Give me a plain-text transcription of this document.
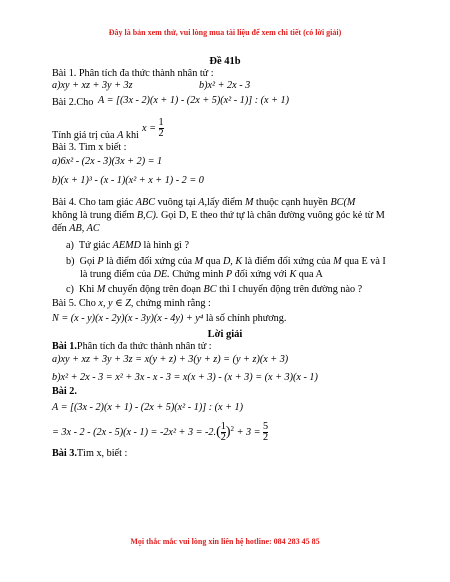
Đây là bản xem thử, vui lòng mua tài liệu để xem chi tiết (có lời giải)
Đề 41b
Bài 1. Phân tích đa thức thành nhân tử :
a)xy + xz + 3y + 3z	b)x² + 2x - 3
Bài 2.Cho A = [(3x - 2)(x + 1) - (2x + 5)(x² - 1)] : (x + 1)
$x = \frac{1}{2}$
Tính giá trị của A khi
Bài 3. Tìm x biết :
a)6x² - (2x - 3)(3x + 2) = 1
b)(x + 1)³ - (x - 1)(x² + x + 1) - 2 = 0
Bài 4. Cho tam giác ABC vuông tại A,lấy điểm M thuộc cạnh huyền BC(M
không là trung điểm B,C). Gọi D, E theo thứ tự là chân đường vuông góc kẻ từ M
đến AB, AC
a) Tứ giác AEMD là hình gì ?
b) Gọi P là điểm đối xứng của M qua D, K là điểm đối xứng của M qua E và I
là trung điểm của DE. Chứng minh P đối xứng với K qua A
c) Khi M chuyển động trên đoạn BC thì I chuyển động trên đường nào ?
Bài 5. Cho x, y ∈ Z, chứng minh rằng :
N = (x - y)(x - 2y)(x - 3y)(x - 4y) + y⁴ là số chính phương.
Lời giải
Bài 1.Phân tích đa thức thành nhân tử :
a)xy + xz + 3y + 3z = x(y + z) + 3(y + z) = (y + z)(x + 3)
b)x² + 2x - 3 = x² + 3x - x - 3 = x(x + 3) - (x + 3) = (x + 3)(x - 1)
Bài 2.
A = [(3x - 2)(x + 1) - (2x + 5)(x² - 1)] : (x + 1)
= $3x - 2 - (2x - 5)(x - 1) = -2x^2 + 3 = -2.( \frac{1}{2} )^2 + 3 = \frac{5}{2}$
Bài 3.Tìm x, biết :
Mọi thắc mắc vui lòng xin liên hệ hotline: 084 283 45 85
